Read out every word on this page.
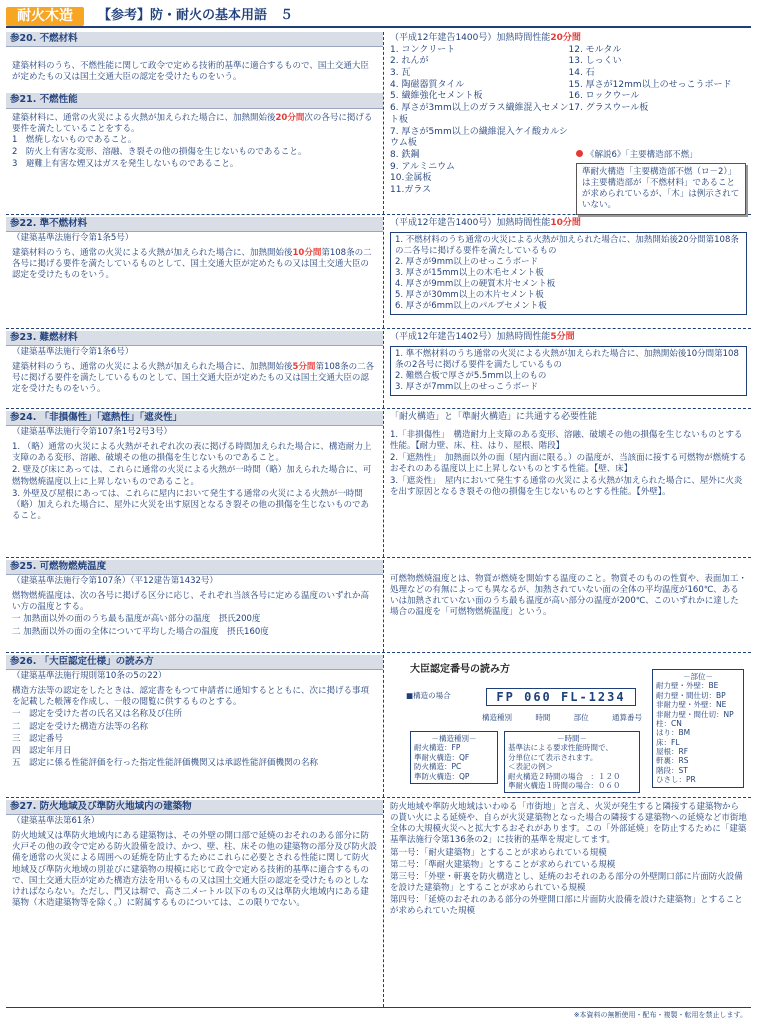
耐火木造	【参考】防・耐火の基本用語　５
参20. 不燃材料
建築材料のうち、不燃性能に関して政令で定める技術的基準に適合するもので、国土交通大臣が定めたもの又は国土交通大臣の認定を受けたものをいう。
参21. 不燃性能
建築材料に、通常の火災による火熱が加えられた場合に、加熱開始後20分間次の各号に掲げる要件を満たしていることをする。

1　燃焼しないものであること。

2　防火上有害な変形、溶融、き裂その他の損傷を生じないものであること。

3　避難上有害な煙又はガスを発生しないものであること。

（平成12年建告1400号）加熱時間性能20分間
1. コンクリート
2. れんが
3. 瓦
4. 陶磁器質タイル
5. 繊維強化セメント板
6. 厚さが3mm以上のガラス繊維混入セメント板
7. 厚さが5mm以上の繊維混入ケイ酸カルシウム板
8. 鉄鋼
9. アルミニウム
10.金属板
11.ガラス
12. モルタル
13. しっくい
14. 石
15. 厚さが12mm以上のせっこうボード
16. ロックウール
17. グラスウール板
《解説6》「主要構造部不燃」
準耐火構造「主要構造部不燃（ロ－2）」は主要構造部が「不燃材料」であることが求められているが、「木」は例示されていない。
参22. 準不燃材料
（建築基準法施行令第1条5号）
建築材料のうち、通常の火災による火熱が加えられた場合に、加熱開始後10分間第108条の二各号に掲げる要件を満たしているものとして、国土交通大臣が定めたもの又は国土交通大臣の認定を受けたものをいう。
（平成12年建告1400号）加熱時間性能10分間

1. 不燃材料のうち通常の火災による火熱が加えられた場合に、加熱開始後20分間第108条の二各号に掲げる要件を満たしているもの

2. 厚さが9mm以上のせっこうボード

3. 厚さが15mm以上の木毛セメント板

4. 厚さが9mm以上の硬質木片セメント板

5. 厚さが30mm以上の木片セメント板

6. 厚さが6mm以上のパルプセメント板

参23. 難燃材料
（建築基準法施行令第1条6号）
建築材料のうち、通常の火災による火熱が加えられた場合に、加熱開始後5分間第108条の二各号に掲げる要件を満たしているものとして、国土交通大臣が定めたもの又は国土交通大臣の認定を受けたものをいう。
（平成12年建告1402号）加熱時間性能5分間

1. 準不燃材料のうち通常の火災による火熱が加えられた場合に、加熱開始後10分間第108条の2各号に掲げる要件を満たしているもの

2. 難燃合板で厚さが5.5mm以上のもの

3. 厚さが7mm以上のせっこうボード

参24. 「非損傷性」「遮熱性」「遮炎性」
（建築基準法施行令第107条1号2号3号）

1. （略）通常の火災による火熱がそれぞれ次の表に掲げる時間加えられた場合に、構造耐力上支障のある変形、溶融、破壊その他の損傷を生じないものであること。

2. 壁及び床にあっては、これらに通常の火災による火熱が一時間（略）加えられた場合に、可燃物燃焼温度以上に上昇しないものであること。

3. 外壁及び屋根にあっては、これらに屋内において発生する通常の火災による火熱が一時間（略）加えられた場合に、屋外に火災を出す原因となるき裂その他の損傷を生じないものであること。

「耐火構造」と「準耐火構造」に共通する必要性能

1.「非損傷性」　構造耐力上支障のある変形、溶融、破壊その他の損傷を生じないものとする性能。【耐力壁、床、柱、はり、屋根、階段】

2.「遮熱性」　加熱面以外の面（屋内面に限る。）の温度が、当該面に接する可燃物が燃焼するおそれのある温度以上に上昇しないものとする性能。【壁、床】

3.「遮炎性」　屋内において発生する通常の火災による火熱が加えられた場合に、屋外に火炎を出す原因となるき裂その他の損傷を生じないものとする性能。【外壁】。

参25. 可燃物燃焼温度
（建築基準法施行令第107条）（平12建告第1432号）

燃物燃焼温度は、次の各号に掲げる区分に応じ、それぞれ当該各号に定める温度のいずれか高い方の温度とする。

一 加熱面以外の面のうち最も温度が高い部分の温度　摂氏200度

二 加熱面以外の面の全体について平均した場合の温度　摂氏160度

可燃物燃焼温度とは、物質が燃焼を開始する温度のこと。物質そのものの性質や、表面加工・処理などの有無によっても異なるが、加熱されていない面の全体の平均温度が160℃、あるいは加熱されていない面のうち最も温度が高い部分の温度が200℃、このいずれかに達した場合の温度を「可燃物燃焼温度」という。
参26. 「大臣認定仕様」の読み方
（建築基準法施行規則第10条の5の22）

構造方法等の認定をしたときは、認定書をもつて申請者に通知するとともに、次に掲げる事項を記載した帳簿を作成し、一般の閲覧に供するものとする。

一　認定を受けた者の氏名又は名称及び住所

二　認定を受けた構造方法等の名称

三　認定番号

四　認定年月日

五　認定に係る性能評価を行った指定性能評価機関又は承認性能評価機関の名称

大臣認定番号の読み方
■構造の場合	FP 060 FL-1234
構造種別	時間	部位	通算番号
－構造種別－
耐火構造：FP
準耐火構造：QF
防火構造：PC
準防火構造：QP
－時間－
基準法による要求性能時間で、
分単位にて表示されます。
＜表記の例＞
耐火構造２時間の場合　：１２０
準耐火構造１時間の場合：０６０
－部位－
耐力壁・外壁：BE
耐力壁・間仕切：BP
非耐力壁・外壁：NE
非耐力壁・間仕切：NP
柱：CN
はり：BM
床：FL
屋根：RF
軒裏：RS
階段：ST
ひさし：PR
参27. 防火地域及び準防火地域内の建築物
（建築基準法第61条）
防火地域又は準防火地域内にある建築物は、その外壁の開口部で延焼のおそれのある部分に防火戸その他の政令で定める防火設備を設け、かつ、壁、柱、床その他の建築物の部分及び防火設備を通常の火災による周囲への延焼を防止するためにこれらに必要とされる性能に関して防火地域及び準防火地域の別並びに建築物の規模に応じて政令で定める技術的基準に適合するもので、国土交通大臣が定めた構造方法を用いるもの又は国土交通大臣の認定を受けたものとしなければならない。ただし、門又は塀で、高さ二メートル以下のもの又は準防火地域内にある建築物（木造建築物等を除く。）に附属するものについては、この限りでない。
防火地域や準防火地域はいわゆる「市街地」と言え、火災が発生すると隣接する建築物からの貰い火による延焼や、自らが火災建築物となった場合の隣接する建築物への延焼など市街地全体の大規模火災へと拡大するおそれがあります。この「外部延焼」を防止するために「建築基準法施行令第136条の2」に技術的基準を規定してます。

第一号：「耐火建築物」とすることが求められている規模

第二号：「準耐火建築物」とすることが求められている規模

第三号：「外壁・軒裏を防火構造とし、延焼のおそれのある部分の外壁開口部に片面防火設備を設けた建築物」とすることが求められている規模

第四号：「延焼のおそれのある部分の外壁開口部に片面防火設備を設けた建築物」とすることが求められていた規模

※本資料の無断使用・配布・複製・転用を禁止します。
